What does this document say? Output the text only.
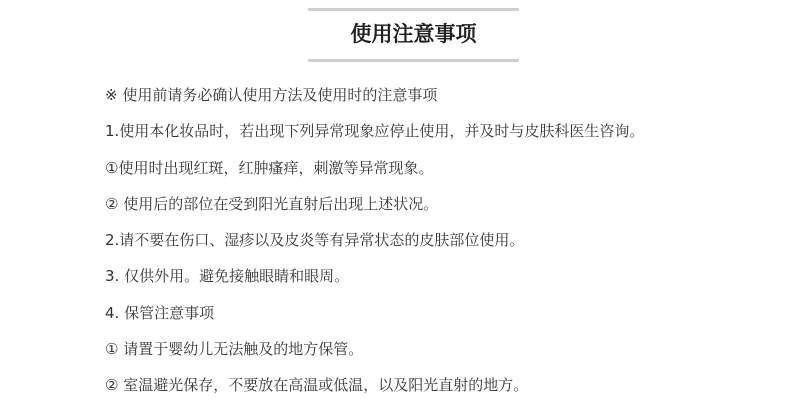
使用注意事项
※ 使用前请务必确认使用方法及使用时的注意事项
1.使用本化妆品时，若出现下列异常现象应停止使用，并及时与皮肤科医生咨询。
①使用时出现红斑，红肿瘙痒，刺激等异常现象。
② 使用后的部位在受到阳光直射后出现上述状况。
2.请不要在伤口、湿疹以及皮炎等有异常状态的皮肤部位使用。
3. 仅供外用。避免接触眼睛和眼周。
4. 保管注意事项
① 请置于婴幼儿无法触及的地方保管。
② 室温避光保存，不要放在高温或低温，以及阳光直射的地方。
